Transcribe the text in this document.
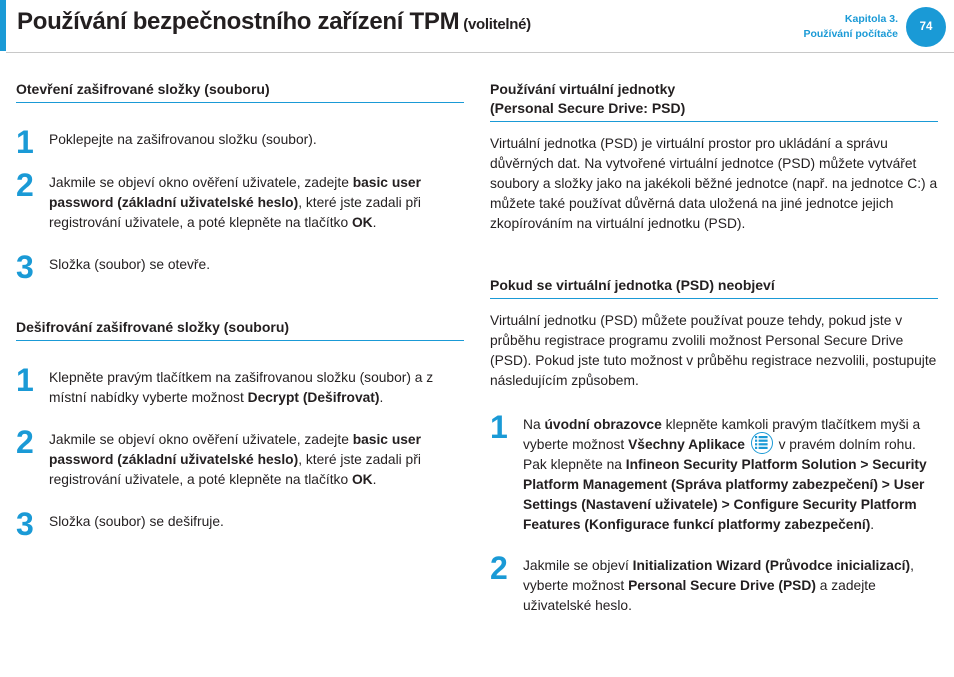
Používání bezpečnostního zařízení TPM (volitelné)	Kapitola 3.
Používání počítače
74
Otevření zašifrované složky (souboru)
1 Poklepejte na zašifrovanou složku (soubor).
2 Jakmile se objeví okno ověření uživatele, zadejte basic user password (základní uživatelské heslo), které jste zadali při registrování uživatele, a poté klepněte na tlačítko OK.
3 Složka (soubor) se otevře.
Dešifrování zašifrované složky (souboru)
1 Klepněte pravým tlačítkem na zašifrovanou složku (soubor) a z místní nabídky vyberte možnost Decrypt (Dešifrovat).
2 Jakmile se objeví okno ověření uživatele, zadejte basic user password (základní uživatelské heslo), které jste zadali při registrování uživatele, a poté klepněte na tlačítko OK.
3 Složka (soubor) se dešifruje.
Používání virtuální jednotky
(Personal Secure Drive: PSD)
Virtuální jednotka (PSD) je virtuální prostor pro ukládání a správu důvěrných dat. Na vytvořené virtuální jednotce (PSD) můžete vytvářet soubory a složky jako na jakékoli běžné jednotce (např. na jednotce C:) a můžete také používat důvěrná data uložená na jiné jednotce jejich zkopírováním na virtuální jednotku (PSD).
Pokud se virtuální jednotka (PSD) neobjeví
Virtuální jednotku (PSD) můžete používat pouze tehdy, pokud jste v průběhu registrace programu zvolili možnost Personal Secure Drive (PSD). Pokud jste tuto možnost v průběhu registrace nezvolili, postupujte následujícím způsobem.
1 Na úvodní obrazovce klepněte kamkoli pravým tlačítkem myši a vyberte možnost Všechny Aplikace
v pravém dolním rohu. Pak klepněte na Infineon Security Platform Solution > Security Platform Management (Správa platformy zabezpečení) > User Settings (Nastavení uživatele) > Configure Security Platform Features (Konfigurace funkcí platformy zabezpečení).
2 Jakmile se objeví Initialization Wizard (Průvodce inicializací), vyberte možnost Personal Secure Drive (PSD) a zadejte uživatelské heslo.
